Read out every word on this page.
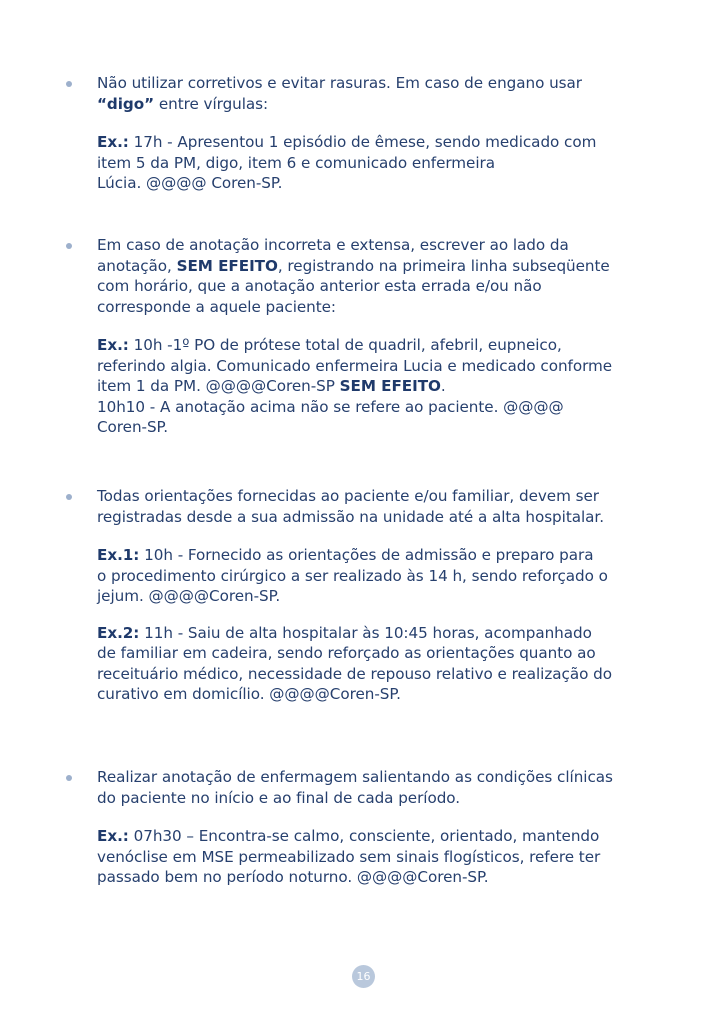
Não utilizar corretivos e evitar rasuras. Em caso de engano usar
“digo” entre vírgulas:

Ex.: 17h - Apresentou 1 episódio de êmese, sendo medicado com
item 5 da PM, digo, item 6 e comunicado enfermeira
Lúcia. @@@@ Coren-SP.

Em caso de anotação incorreta e extensa, escrever ao lado da
anotação, SEM EFEITO, registrando na primeira linha subseqüente
com horário, que a anotação anterior esta errada e/ou não
corresponde a aquele paciente:

Ex.: 10h -1º PO de prótese total de quadril, afebril, eupneico,
referindo algia. Comunicado enfermeira Lucia e medicado conforme
item 1 da PM. @@@@Coren-SP SEM EFEITO.
10h10 - A anotação acima não se refere ao paciente. @@@@
Coren-SP.

Todas orientações fornecidas ao paciente e/ou familiar, devem ser
registradas desde a sua admissão na unidade até a alta hospitalar.

Ex.1: 10h - Fornecido as orientações de admissão e preparo para
o procedimento cirúrgico a ser realizado às 14 h, sendo reforçado o
jejum. @@@@Coren-SP.

Ex.2: 11h - Saiu de alta hospitalar às 10:45 horas, acompanhado
de familiar em cadeira, sendo reforçado as orientações quanto ao
receituário médico, necessidade de repouso relativo e realização do
curativo em domicílio. @@@@Coren-SP.

Realizar anotação de enfermagem salientando as condições clínicas
do paciente no início e ao final de cada período.

Ex.: 07h30 – Encontra-se calmo, consciente, orientado, mantendo
venóclise em MSE permeabilizado sem sinais flogísticos, refere ter
passado bem no período noturno. @@@@Coren-SP.

16
